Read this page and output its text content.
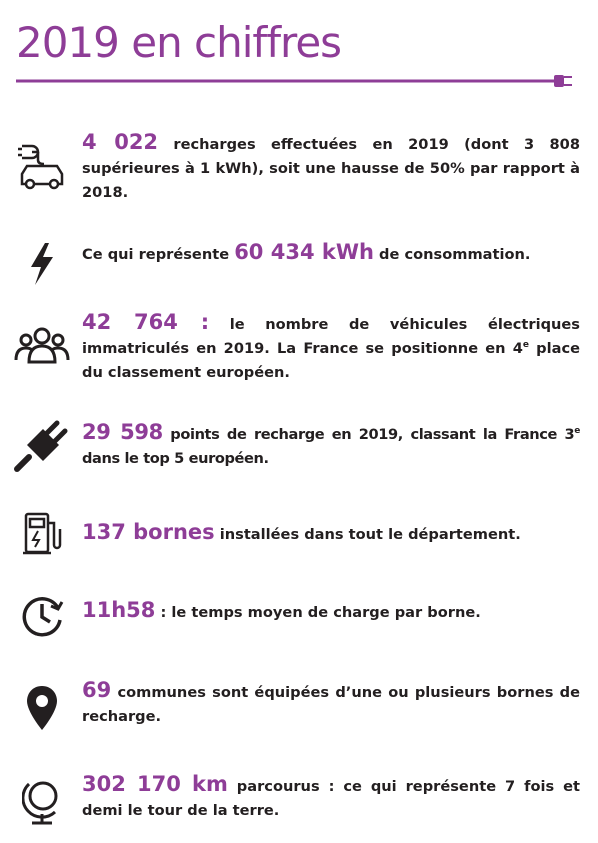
2019 en chiffres
4 022 recharges effectuées en 2019 (dont 3 808 supérieures à 1 kWh), soit une hausse de 50% par rapport à 2018.
Ce qui représente 60 434 kWh de consommation.
42 764 : le nombre de véhicules électriques immatriculés en 2019. La France se positionne en 4e place du classement européen.
29 598 points de recharge en 2019, classant la France 3e dans le top 5 européen.
137 bornes installées dans tout le département.
11h58 : le temps moyen de charge par borne.
69 communes sont équipées d’une ou plusieurs bornes de recharge.
302 170 km parcourus : ce qui représente 7 fois et demi le tour de la terre.
